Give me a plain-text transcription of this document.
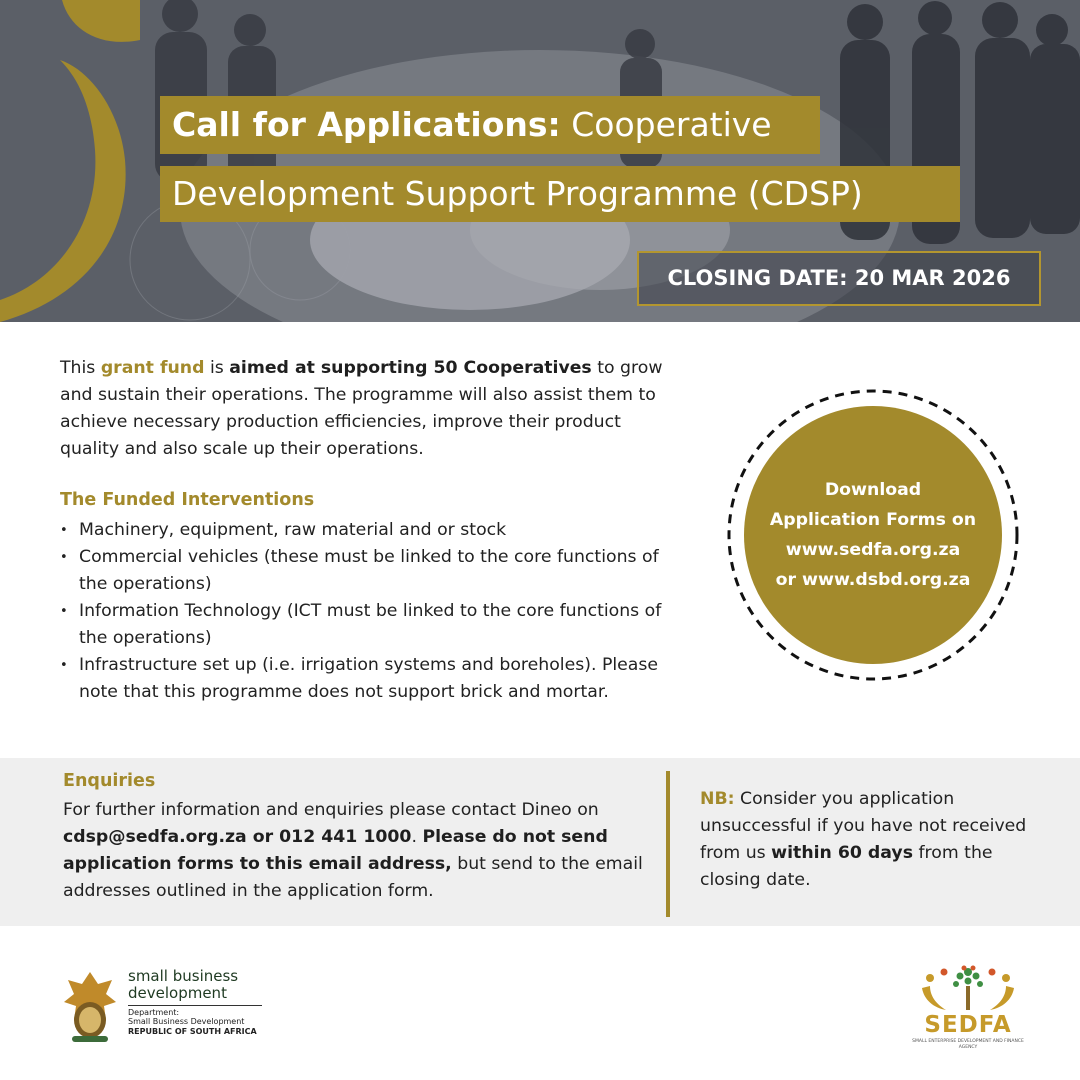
Call for Applications: Cooperative
Development Support Programme (CDSP)
CLOSING DATE: 20 MAR 2026
This grant fund is aimed at supporting 50 Cooperatives to grow and sustain their operations. The programme will also assist them to achieve necessary production efficiencies, improve their product quality and also scale up their operations.
The Funded Interventions
• Machinery, equipment, raw material and or stock
• Commercial vehicles (these must be linked to the core functions of the operations)
• Information Technology (ICT must be linked to the core functions of the operations)
• Infrastructure set up (i.e. irrigation systems and boreholes). Please note that this programme does not support brick and mortar.
Download
Application Forms on
www.sedfa.org.za
or www.dsbd.org.za
Enquiries
For further information and enquiries please contact Dineo on cdsp@sedfa.org.za or 012 441 1000. Please do not send application forms to this email address, but send to the email addresses outlined in the application form.
NB: Consider you application unsuccessful if you have not received from us within 60 days from the closing date.
small business
development
Department:
Small Business Development
REPUBLIC OF SOUTH AFRICA	SEDFA
SMALL ENTERPRISE DEVELOPMENT AND FINANCE AGENCY
